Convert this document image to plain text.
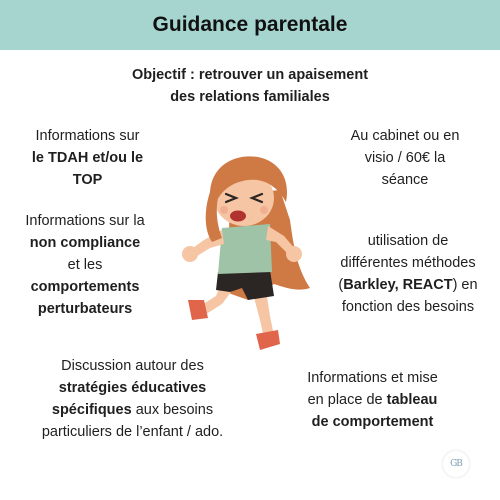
Guidance parentale
Objectif : retrouver un apaisement
des relations familiales
Informations sur
le TDAH et/ou le
TOP
Au cabinet ou en
visio / 60€ la
séance
Informations sur la
non compliance
et les
comportements
perturbateurs
utilisation de
différentes méthodes
(Barkley, REACT) en
fonction des besoins
Discussion autour des
stratégies éducatives
spécifiques aux besoins
particuliers de l’enfant / ado.
Informations et mise
en place de tableau
de comportement
GB
